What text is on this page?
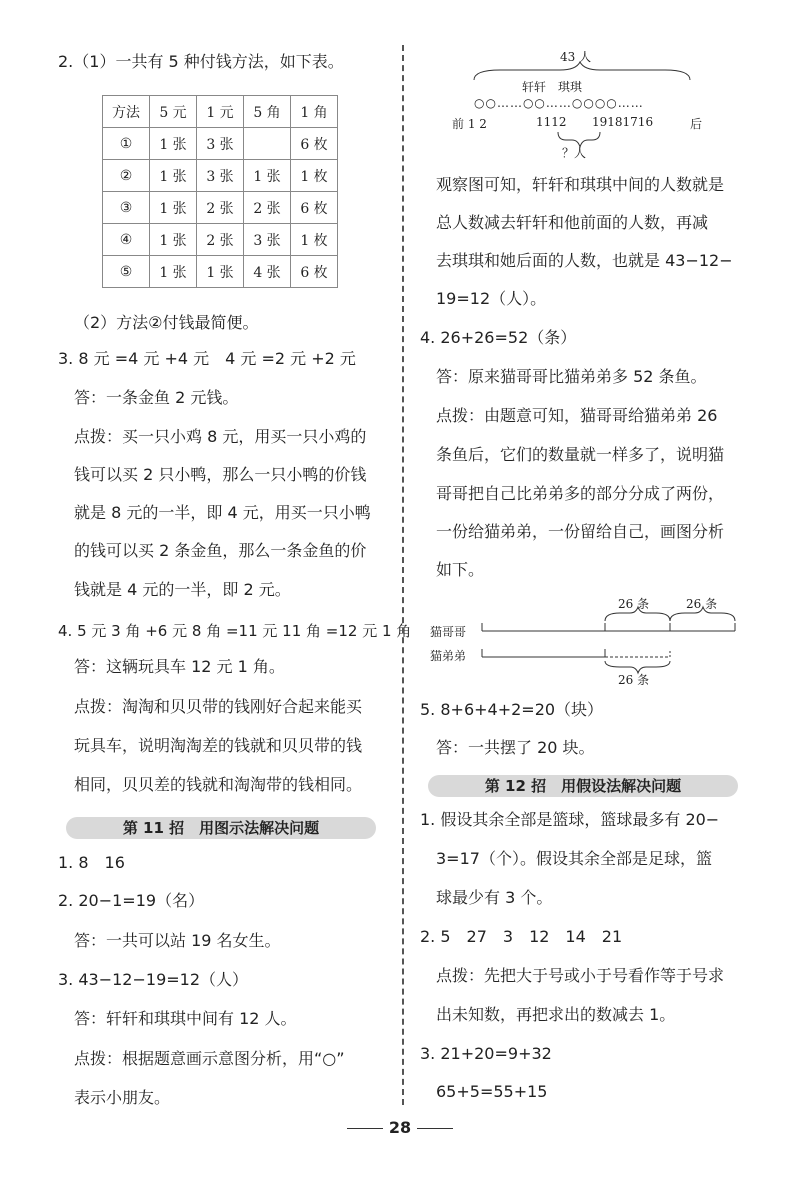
2.（1）一共有 5 种付钱方法，如下表。
方法	5 元	1 元	5 角	1 角
①	1 张	3 张		6 枚
②	1 张	3 张	1 张	1 枚
③	1 张	2 张	2 张	6 枚
④	1 张	2 张	3 张	1 枚
⑤	1 张	1 张	4 张	6 枚
（2）方法②付钱最简便。
3. 8 元 =4 元 +4 元　4 元 =2 元 +2 元
答：一条金鱼 2 元钱。
点拨：买一只小鸡 8 元，用买一只小鸡的
钱可以买 2 只小鸭，那么一只小鸭的价钱
就是 8 元的一半，即 4 元，用买一只小鸭
的钱可以买 2 条金鱼，那么一条金鱼的价
钱就是 4 元的一半，即 2 元。
4. 5 元 3 角 +6 元 8 角 =11 元 11 角 =12 元 1 角
答：这辆玩具车 12 元 1 角。
点拨：淘淘和贝贝带的钱刚好合起来能买
玩具车，说明淘淘差的钱就和贝贝带的钱
相同，贝贝差的钱就和淘淘带的钱相同。
第 11 招　用图示法解决问题
1. 8　16
2. 20−1=19（名）
答：一共可以站 19 名女生。
3. 43−12−19=12（人）
答：轩轩和琪琪中间有 12 人。
点拨：根据题意画示意图分析，用“○”
表示小朋友。
43 人
轩轩　琪琪
○○……○○……○○○○……
前 1 2	1112 19181716	后
？人
观察图可知，轩轩和琪琪中间的人数就是
总人数减去轩轩和他前面的人数，再减
去琪琪和她后面的人数，也就是 43−12−
19=12（人）。
4. 26+26=52（条）
答：原来猫哥哥比猫弟弟多 52 条鱼。
点拨：由题意可知，猫哥哥给猫弟弟 26
条鱼后，它们的数量就一样多了，说明猫
哥哥把自己比弟弟多的部分分成了两份，
一份给猫弟弟，一份留给自己，画图分析
如下。
26 条	26 条
猫哥哥
猫弟弟
26 条
5. 8+6+4+2=20（块）
答：一共摆了 20 块。
第 12 招　用假设法解决问题
1. 假设其余全部是篮球，篮球最多有 20−
3=17（个）。假设其余全部是足球，篮
球最少有 3 个。
2. 5　27　3　12　14　21
点拨：先把大于号或小于号看作等于号求
出未知数，再把求出的数减去 1。
3. 21+20=9+32
65+5=55+15
28
